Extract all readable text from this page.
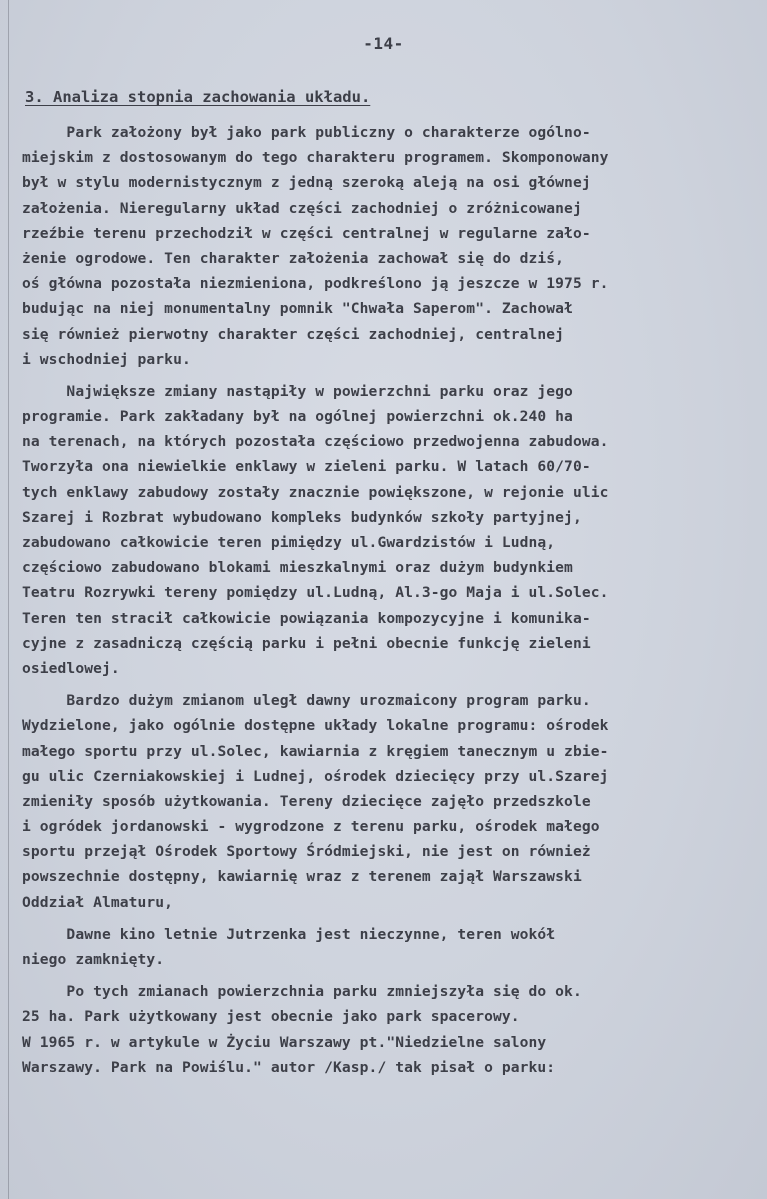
-14-
3. Analiza stopnia zachowania układu.
Park założony był jako park publiczny o charakterze ogólno-
miejskim z dostosowanym do tego charakteru programem. Skomponowany
był w stylu modernistycznym z jedną szeroką aleją na osi głównej
założenia. Nieregularny układ części zachodniej o zróżnicowanej
rzeźbie terenu przechodził w części centralnej w regularne zało-
żenie ogrodowe. Ten charakter założenia zachował się do dziś,
oś główna pozostała niezmieniona, podkreślono ją jeszcze w 1975 r.
budując na niej monumentalny pomnik "Chwała Saperom". Zachował
się również pierwotny charakter części zachodniej, centralnej
i wschodniej parku.
Największe zmiany nastąpiły w powierzchni parku oraz jego
programie. Park zakładany był na ogólnej powierzchni ok.240 ha
na terenach, na których pozostała częściowo przedwojenna zabudowa.
Tworzyła ona niewielkie enklawy w zieleni parku. W latach 60/70-
tych enklawy zabudowy zostały znacznie powiększone, w rejonie ulic
Szarej i Rozbrat wybudowano kompleks budynków szkoły partyjnej,
zabudowano całkowicie teren pimiędzy ul.Gwardzistów i Ludną,
częściowo zabudowano blokami mieszkalnymi oraz dużym budynkiem
Teatru Rozrywki tereny pomiędzy ul.Ludną, Al.3-go Maja i ul.Solec.
Teren ten stracił całkowicie powiązania kompozycyjne i komunika-
cyjne z zasadniczą częścią parku i pełni obecnie funkcję zieleni
osiedlowej.
Bardzo dużym zmianom uległ dawny urozmaicony program parku.
Wydzielone, jako ogólnie dostępne układy lokalne programu: ośrodek
małego sportu przy ul.Solec, kawiarnia z kręgiem tanecznym u zbie-
gu ulic Czerniakowskiej i Ludnej, ośrodek dziecięcy przy ul.Szarej
zmieniły sposób użytkowania. Tereny dziecięce zajęło przedszkole
i ogródek jordanowski - wygrodzone z terenu parku, ośrodek małego
sportu przejął Ośrodek Sportowy Śródmiejski, nie jest on również
powszechnie dostępny, kawiarnię wraz z terenem zajął Warszawski
Oddział Almaturu,
Dawne kino letnie Jutrzenka jest nieczynne, teren wokół
niego zamknięty.
Po tych zmianach powierzchnia parku zmniejszyła się do ok.
25 ha. Park użytkowany jest obecnie jako park spacerowy.
W 1965 r. w artykule w Życiu Warszawy pt."Niedzielne salony
Warszawy. Park na Powiślu." autor /Kasp./ tak pisał o parku:
